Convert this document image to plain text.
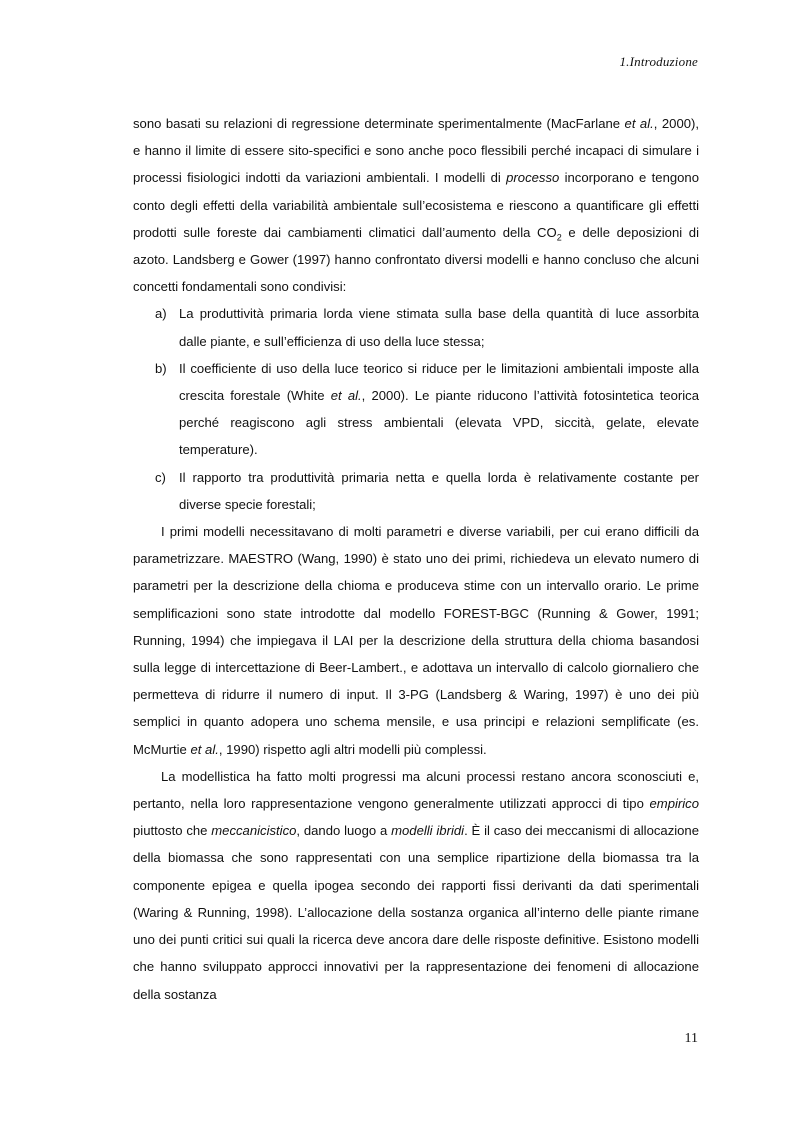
1.Introduzione

sono basati su relazioni di regressione determinate sperimentalmente (MacFarlane et al., 2000), e hanno il limite di essere sito-specifici e sono anche poco flessibili perché incapaci di simulare i processi fisiologici indotti da variazioni ambientali. I modelli di processo incorporano e tengono conto degli effetti della variabilità ambientale sull’ecosistema e riescono a quantificare gli effetti prodotti sulle foreste dai cambiamenti climatici dall’aumento della $CO_2$ e delle deposizioni di azoto. Landsberg e Gower (1997) hanno confrontato diversi modelli e hanno concluso che alcuni concetti fondamentali sono condivisi:

a) La produttività primaria lorda viene stimata sulla base della quantità di luce assorbita dalle piante, e sull’efficienza di uso della luce stessa;
b) Il coefficiente di uso della luce teorico si riduce per le limitazioni ambientali imposte alla crescita forestale (White et al., 2000). Le piante riducono l’attività fotosintetica teorica perché reagiscono agli stress ambientali (elevata VPD, siccità, gelate, elevate temperature).
c) Il rapporto tra produttività primaria netta e quella lorda è relativamente costante per diverse specie forestali;

I primi modelli necessitavano di molti parametri e diverse variabili, per cui erano difficili da parametrizzare. MAESTRO (Wang, 1990) è stato uno dei primi, richiedeva un elevato numero di parametri per la descrizione della chioma e produceva stime con un intervallo orario. Le prime semplificazioni sono state introdotte dal modello FOREST-BGC (Running & Gower, 1991; Running, 1994) che impiegava il LAI per la descrizione della struttura della chioma basandosi sulla legge di intercettazione di Beer-Lambert., e adottava un intervallo di calcolo giornaliero che permetteva di ridurre il numero di input. Il 3-PG (Landsberg & Waring, 1997) è uno dei più semplici in quanto adopera uno schema mensile, e usa principi e relazioni semplificate (es. McMurtie et al., 1990) rispetto agli altri modelli più complessi.

La modellistica ha fatto molti progressi ma alcuni processi restano ancora sconosciuti e, pertanto, nella loro rappresentazione vengono generalmente utilizzati approcci di tipo empirico piuttosto che meccanicistico, dando luogo a modelli ibridi. È il caso dei meccanismi di allocazione della biomassa che sono rappresentati con una semplice ripartizione della biomassa tra la componente epigea e quella ipogea secondo dei rapporti fissi derivanti da dati sperimentali (Waring & Running, 1998). L’allocazione della sostanza organica all’interno delle piante rimane uno dei punti critici sui quali la ricerca deve ancora dare delle risposte definitive. Esistono modelli che hanno sviluppato approcci innovativi per la rappresentazione dei fenomeni di allocazione della sostanza

11
